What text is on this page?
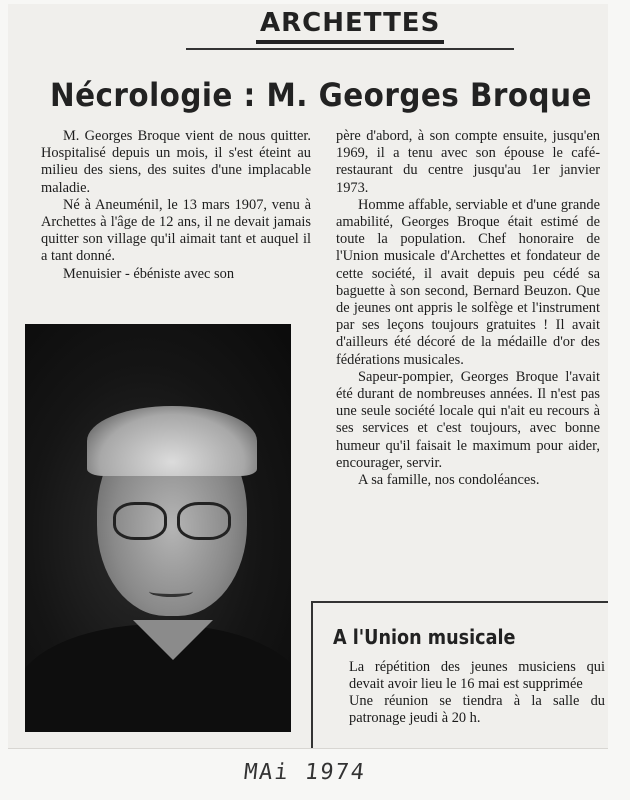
ARCHETTES
Nécrologie : M. Georges Broque

M. Georges Broque vient de nous quitter. Hospitalisé depuis un mois, il s'est éteint au milieu des siens, des suites d'une implacable maladie.

Né à Aneuménil, le 13 mars 1907, venu à Archettes à l'âge de 12 ans, il ne devait jamais quitter son village qu'il aimait tant et auquel il a tant donné.

Menuisier - ébéniste avec son

père d'abord, à son compte ensuite, jusqu'en 1969, il a tenu avec son épouse le café-restaurant du centre jusqu'au 1er janvier 1973.

Homme affable, serviable et d'une grande amabilité, Georges Broque était estimé de toute la population. Chef honoraire de l'Union musicale d'Archettes et fondateur de cette société, il avait depuis peu cédé sa baguette à son second, Bernard Beuzon. Que de jeunes ont appris le solfège et l'instrument par ses leçons toujours gratuites ! Il avait d'ailleurs été décoré de la médaille d'or des fédérations musicales.

Sapeur-pompier, Georges Broque l'avait été durant de nombreuses années. Il n'est pas une seule société locale qui n'ait eu recours à ses services et c'est toujours, avec bonne humeur qu'il faisait le maximum pour aider, encourager, servir.

A sa famille, nos condoléances.

A l'Union musicale

La répétition des jeunes musiciens qui devait avoir lieu le 16 mai est supprimée

Une réunion se tiendra à la salle du patronage jeudi à 20 h.

MAi 1974
